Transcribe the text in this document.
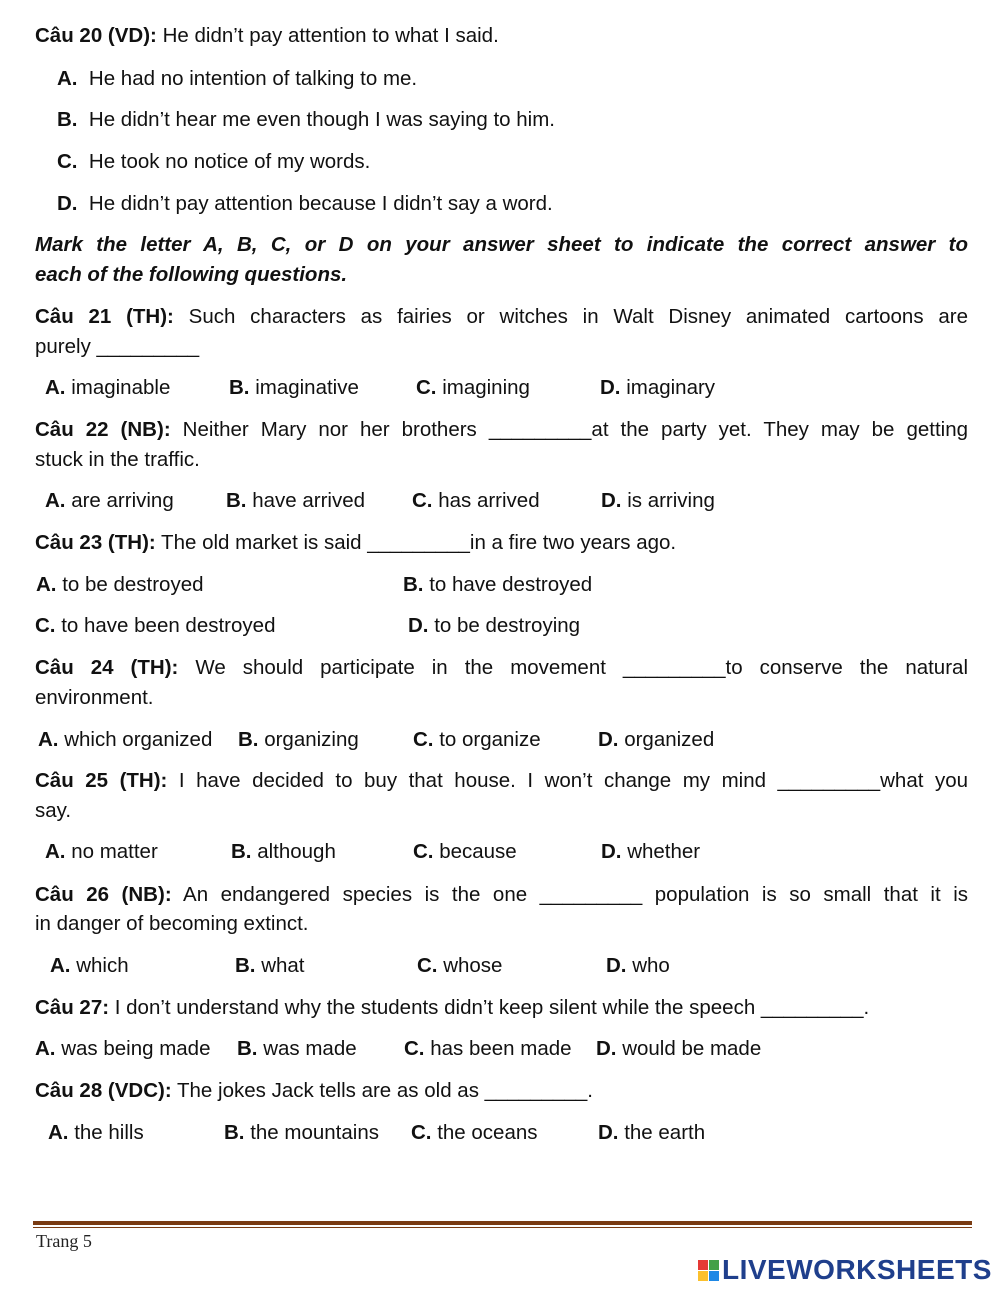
Câu 20 (VD): He didn’t pay attention to what I said.
A. He had no intention of talking to me.
B. He didn’t hear me even though I was saying to him.
C. He took no notice of my words.
D. He didn’t pay attention because I didn’t say a word.
Mark the letter A, B, C, or D on your answer sheet to indicate the correct answer to
each of the following questions.
Câu 21 (TH): Such characters as fairies or witches in Walt Disney animated cartoons are
purely _________
A. imaginable	B. imaginative	C. imagining	D. imaginary
Câu 22 (NB): Neither Mary nor her brothers _________at the party yet. They may be getting
stuck in the traffic.
A. are arriving	B. have arrived C. has arrived	D. is arriving
Câu 23 (TH): The old market is said _________in a fire two years ago.
A. to be destroyed	B. to have destroyed
C. to have been destroyed	D. to be destroying
Câu 24 (TH): We should participate in the movement _________to conserve the natural
environment.
A. which organized B. organizing	C. to organize	D. organized
Câu 25 (TH): I have decided to buy that house. I won’t change my mind _________what you
say.
A. no matter	B. although	C. because	D. whether
Câu 26 (NB): An endangered species is the one _________ population is so small that it is
in danger of becoming extinct.
A. which	B. what	C. whose	D. who
Câu 27: I don’t understand why the students didn’t keep silent while the speech _________.
A. was being made B. was made C. has been made D. would be made
Câu 28 (VDC): The jokes Jack tells are as old as _________.
A. the hills	B. the mountains C. the oceans	D. the earth
Trang 5
LIVEWORKSHEETS
